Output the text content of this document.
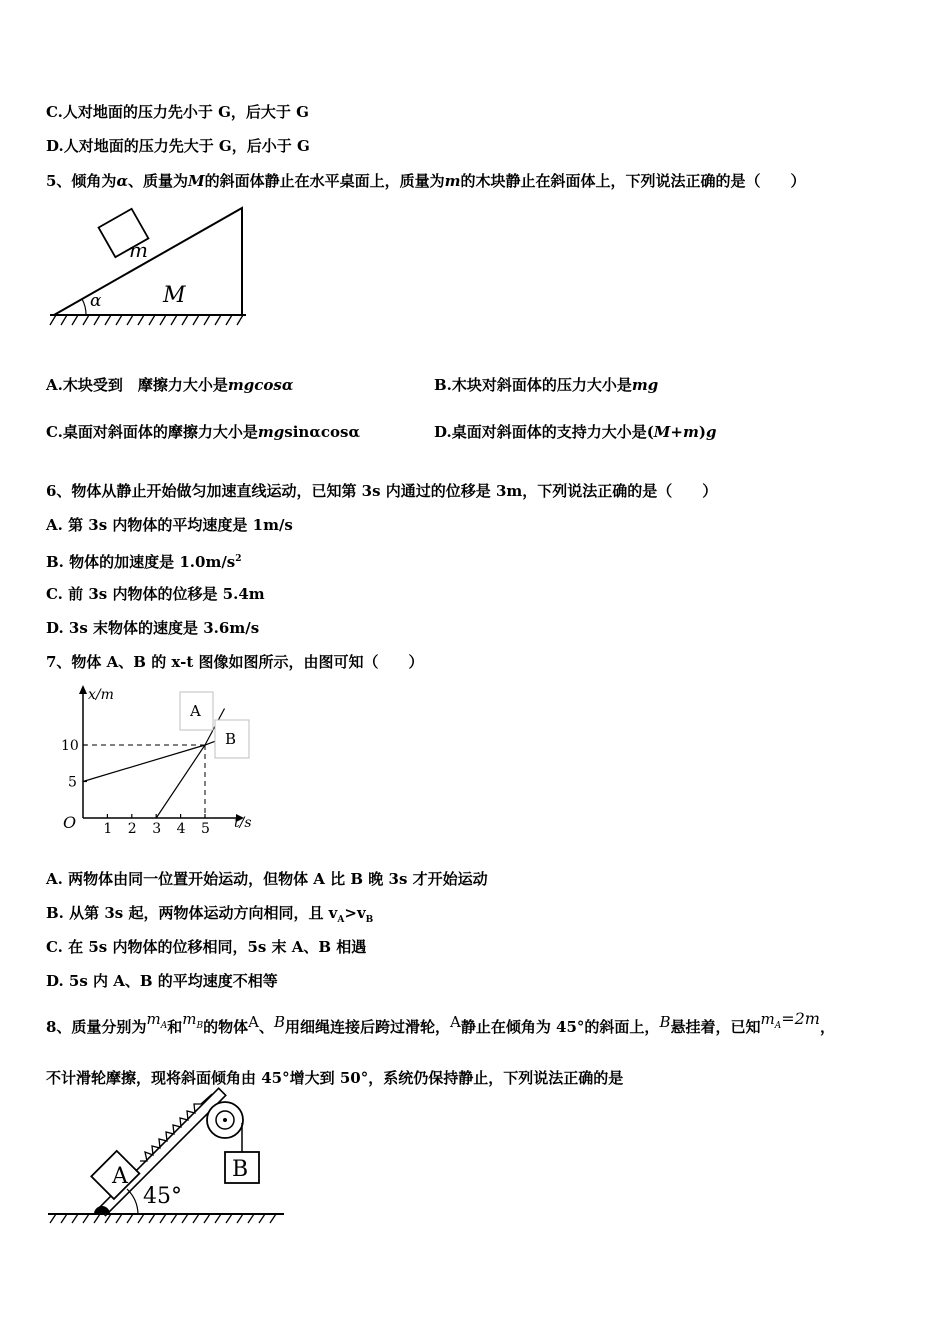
C.人对地面的压力先小于 G，后大于 G
D.人对地面的压力先大于 G，后小于 G
5、倾角为α、质量为M的斜面体静止在水平桌面上，质量为m的木块静止在斜面体上，下列说法正确的是（　　）
m
M
α
A.木块受到　摩擦力大小是mgcosα	B.木块对斜面体的压力大小是mg
C.桌面对斜面体的摩擦力大小是mgsinαcosα	D.桌面对斜面体的支持力大小是(M+m)g
6、物体从静止开始做匀加速直线运动，已知第 3s 内通过的位移是 3m，下列说法正确的是（　　）
A. 第 3s 内物体的平均速度是 1m/s
B. 物体的加速度是 $1.0m/s^2$
C. 前 3s 内物体的位移是 5.4m
D. 3s 末物体的速度是 3.6m/s
7、物体 A、B 的 x-t 图像如图所示，由图可知（　　）
x/m
t/s
O 1 2 3 4 5
5
10
A
B
A. 两物体由同一位置开始运动，但物体 A 比 B 晚 3s 才开始运动
B. 从第 3s 起，两物体运动方向相同，且 $v_A>v_B$
C. 在 5s 内物体的位移相同，5s 末 A、B 相遇
D. 5s 内 A、B 的平均速度不相等
8、质量分别为$m_A$和$m_B$的物体A、B用细绳连接后跨过滑轮，A静止在倾角为 45°的斜面上，B悬挂着，已知$m_A=2m$，
不计滑轮摩擦，现将斜面倾角由 45°增大到 50°，系统仍保持静止，下列说法正确的是
45°
A	B
